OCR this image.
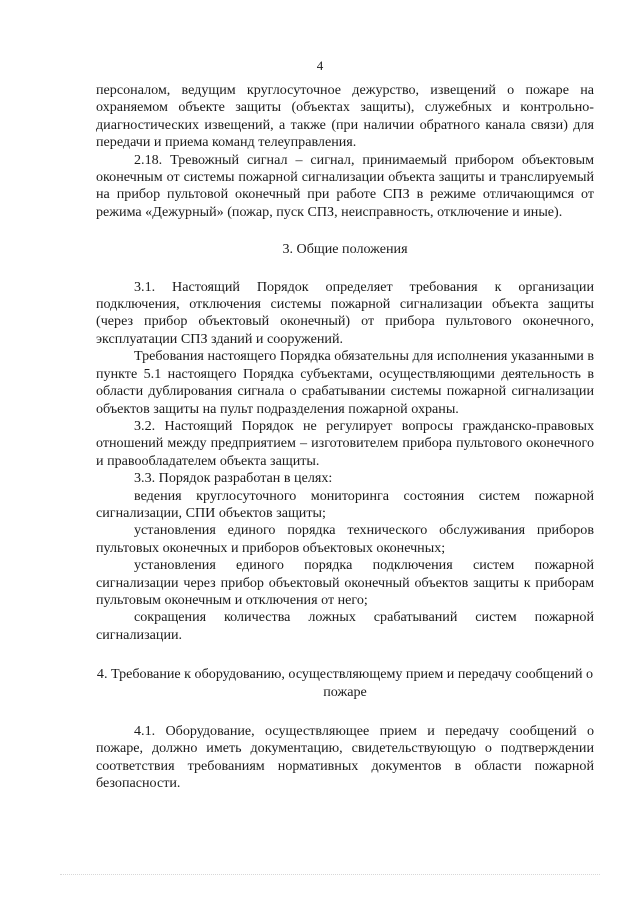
4

персоналом, ведущим круглосуточное дежурство, извещений о пожаре на охраняемом объекте защиты (объектах защиты), служебных и контрольно-диагностических извещений, а также (при наличии обратного канала связи) для передачи и приема команд телеуправления.

2.18. Тревожный сигнал – сигнал, принимаемый прибором объектовым оконечным от системы пожарной сигнализации объекта защиты и транслируемый на прибор пультовой оконечный при работе СПЗ в режиме отличающимся от режима «Дежурный» (пожар, пуск СПЗ, неисправность, отключение и иные).

3. Общие положения

3.1. Настоящий Порядок определяет требования к организации подключения, отключения системы пожарной сигнализации объекта защиты (через прибор объектовый оконечный) от прибора пультового оконечного, эксплуатации СПЗ зданий и сооружений.

Требования настоящего Порядка обязательны для исполнения указанными в пункте 5.1 настоящего Порядка субъектами, осуществляющими деятельность в области дублирования сигнала о срабатывании системы пожарной сигнализации объектов защиты на пульт подразделения пожарной охраны.

3.2. Настоящий Порядок не регулирует вопросы гражданско-правовых отношений между предприятием – изготовителем прибора пультового оконечного и правообладателем объекта защиты.

3.3. Порядок разработан в целях:

ведения круглосуточного мониторинга состояния систем пожарной сигнализации, СПИ объектов защиты;

установления единого порядка технического обслуживания приборов пультовых оконечных и приборов объектовых оконечных;

установления единого порядка подключения систем пожарной сигнализации через прибор объектовый оконечный объектов защиты к приборам пультовым оконечным и отключения от него;

сокращения количества ложных срабатываний систем пожарной сигнализации.

4. Требование к оборудованию, осуществляющему прием и передачу сообщений о пожаре

4.1. Оборудование, осуществляющее прием и передачу сообщений о пожаре, должно иметь документацию, свидетельствующую о подтверждении соответствия требованиям нормативных документов в области пожарной безопасности.
